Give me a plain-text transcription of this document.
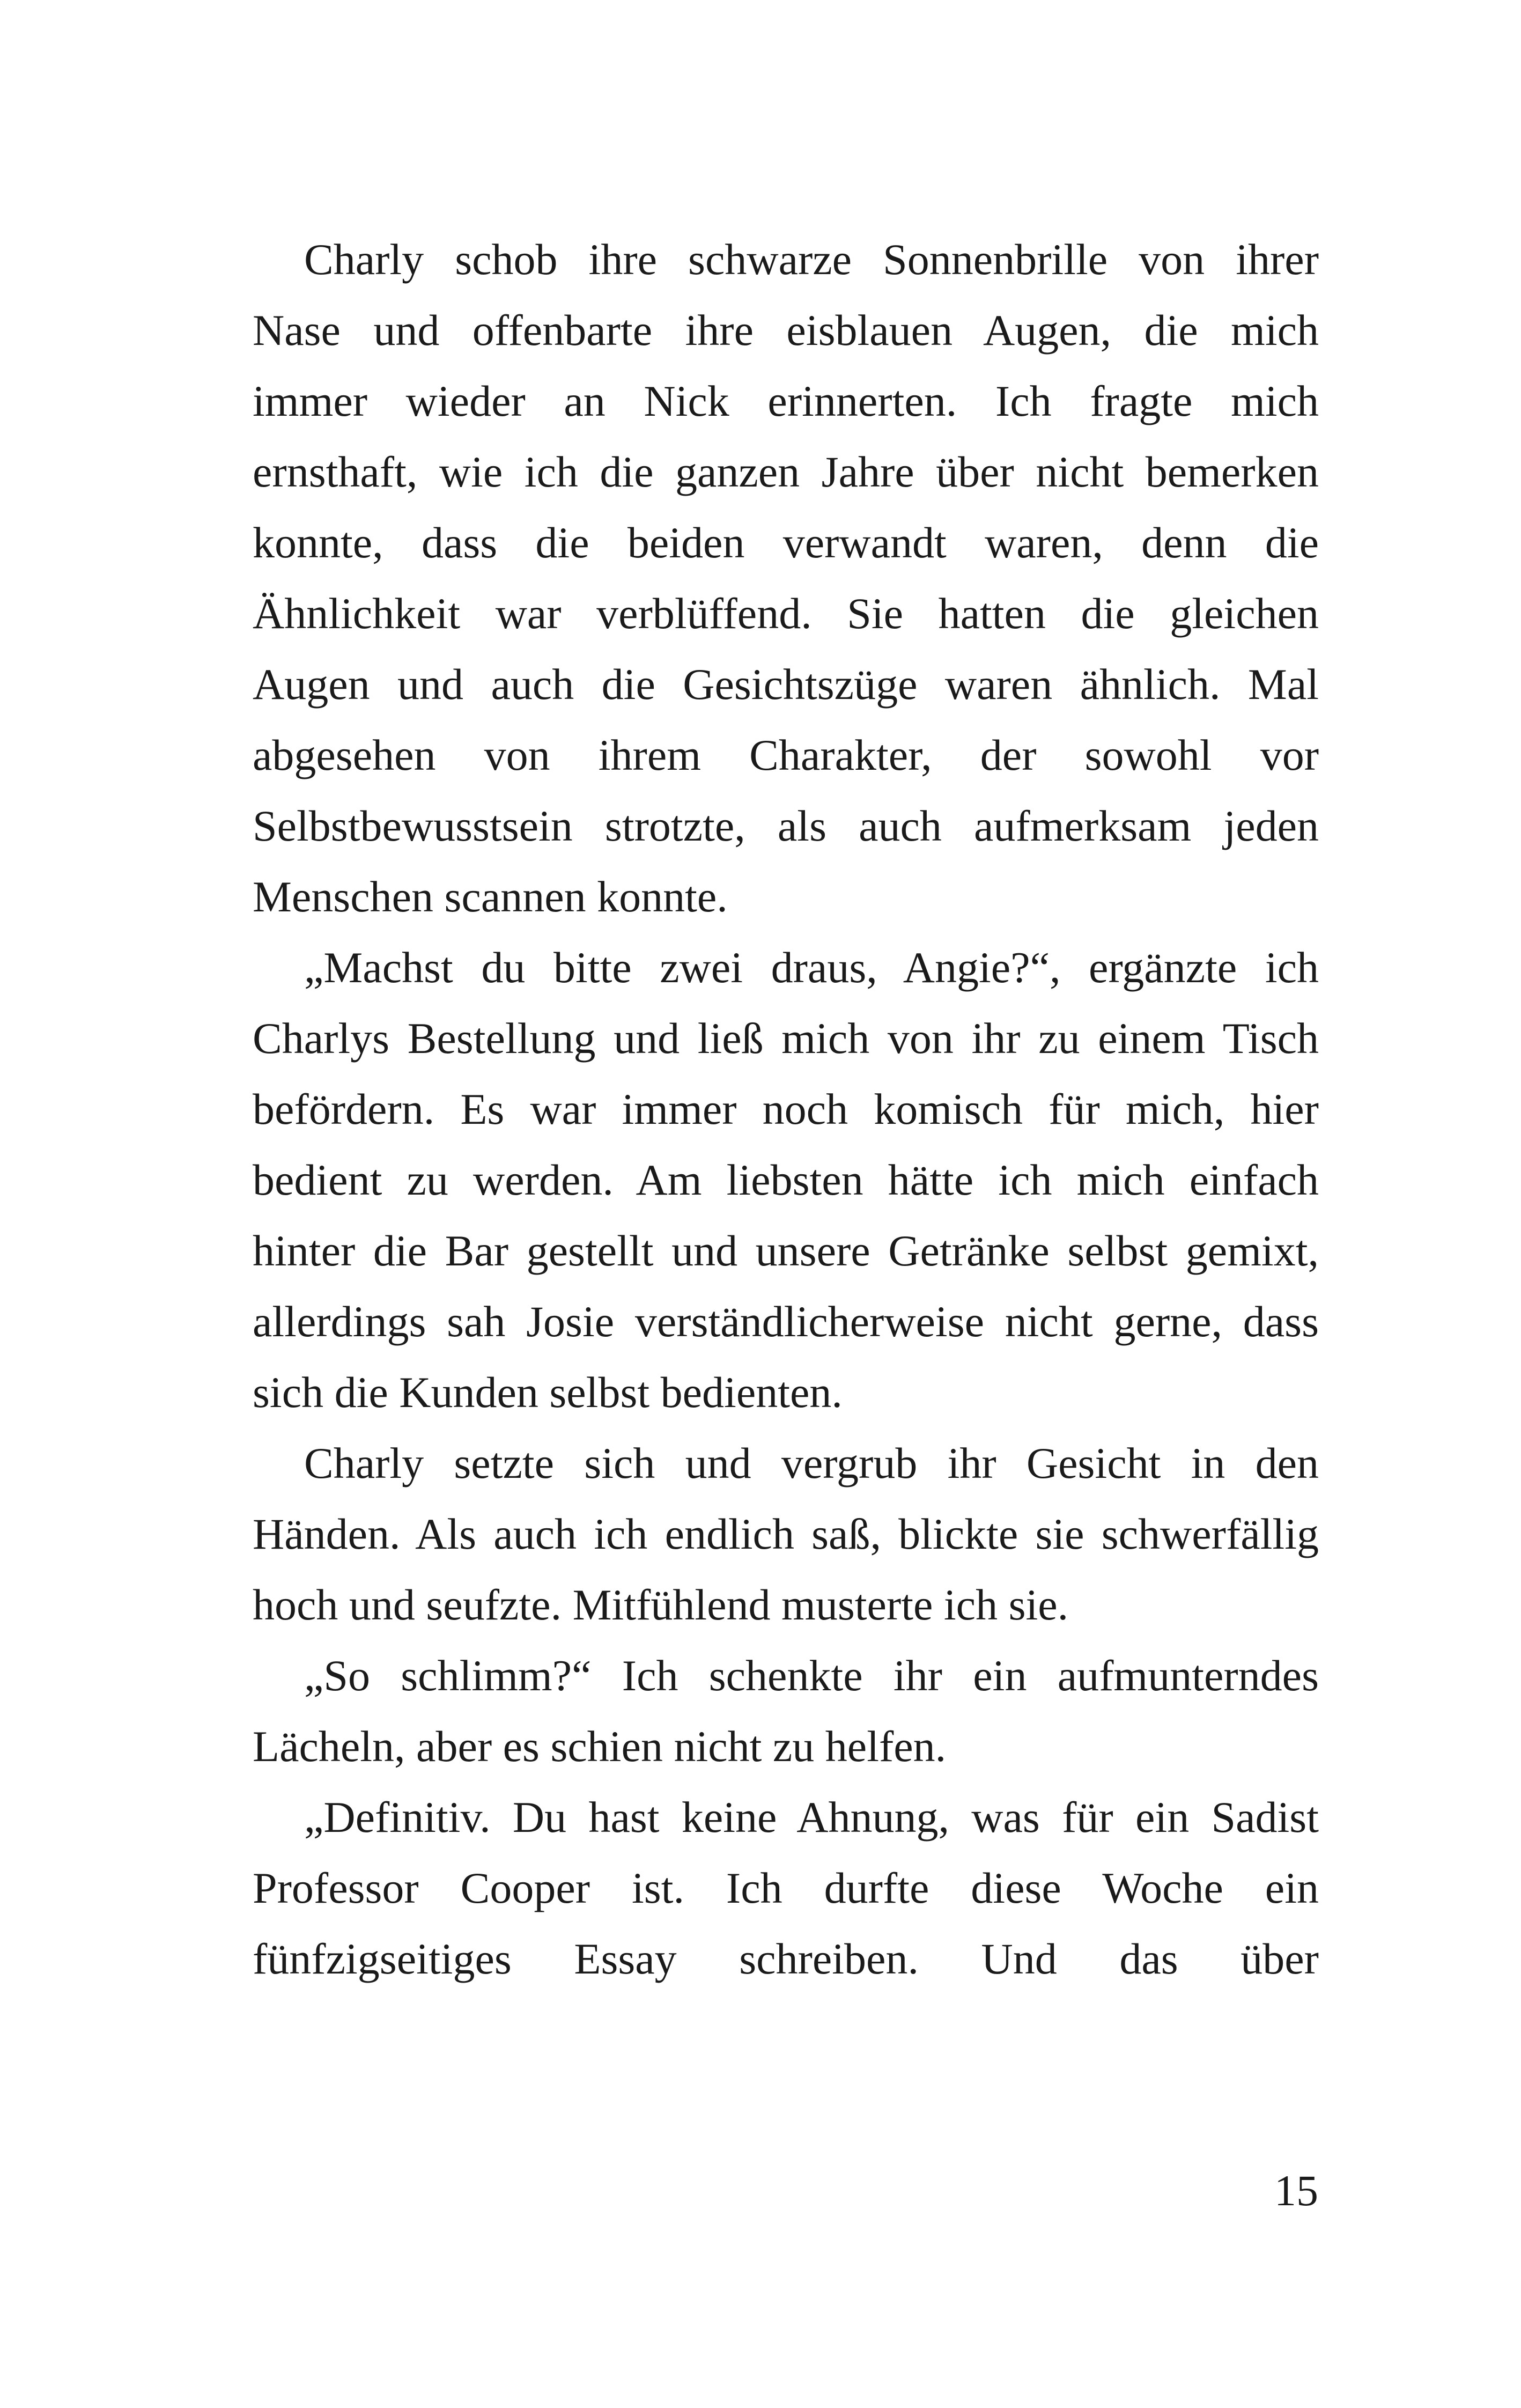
Charly schob ihre schwarze Sonnenbrille von ihrer
Nase und offenbarte ihre eisblauen Augen, die mich
immer wieder an Nick erinnerten. Ich fragte mich
ernsthaft, wie ich die ganzen Jahre über nicht bemerken
konnte, dass die beiden verwandt waren, denn die
Ähnlichkeit war verblüffend. Sie hatten die gleichen
Augen und auch die Gesichtszüge waren ähnlich. Mal
abgesehen von ihrem Charakter, der sowohl vor
Selbstbewusstsein strotzte, als auch aufmerksam jeden
Menschen scannen konnte.
„Machst du bitte zwei draus, Angie?“, ergänzte ich
Charlys Bestellung und ließ mich von ihr zu einem Tisch
befördern. Es war immer noch komisch für mich, hier
bedient zu werden. Am liebsten hätte ich mich einfach
hinter die Bar gestellt und unsere Getränke selbst gemixt,
allerdings sah Josie verständlicherweise nicht gerne, dass
sich die Kunden selbst bedienten.
Charly setzte sich und vergrub ihr Gesicht in den
Händen. Als auch ich endlich saß, blickte sie schwerfällig
hoch und seufzte. Mitfühlend musterte ich sie.
„So schlimm?“ Ich schenkte ihr ein aufmunterndes
Lächeln, aber es schien nicht zu helfen.
„Definitiv. Du hast keine Ahnung, was für ein Sadist
Professor Cooper ist. Ich durfte diese Woche ein
fünfzigseitiges Essay schreiben. Und das über
15
